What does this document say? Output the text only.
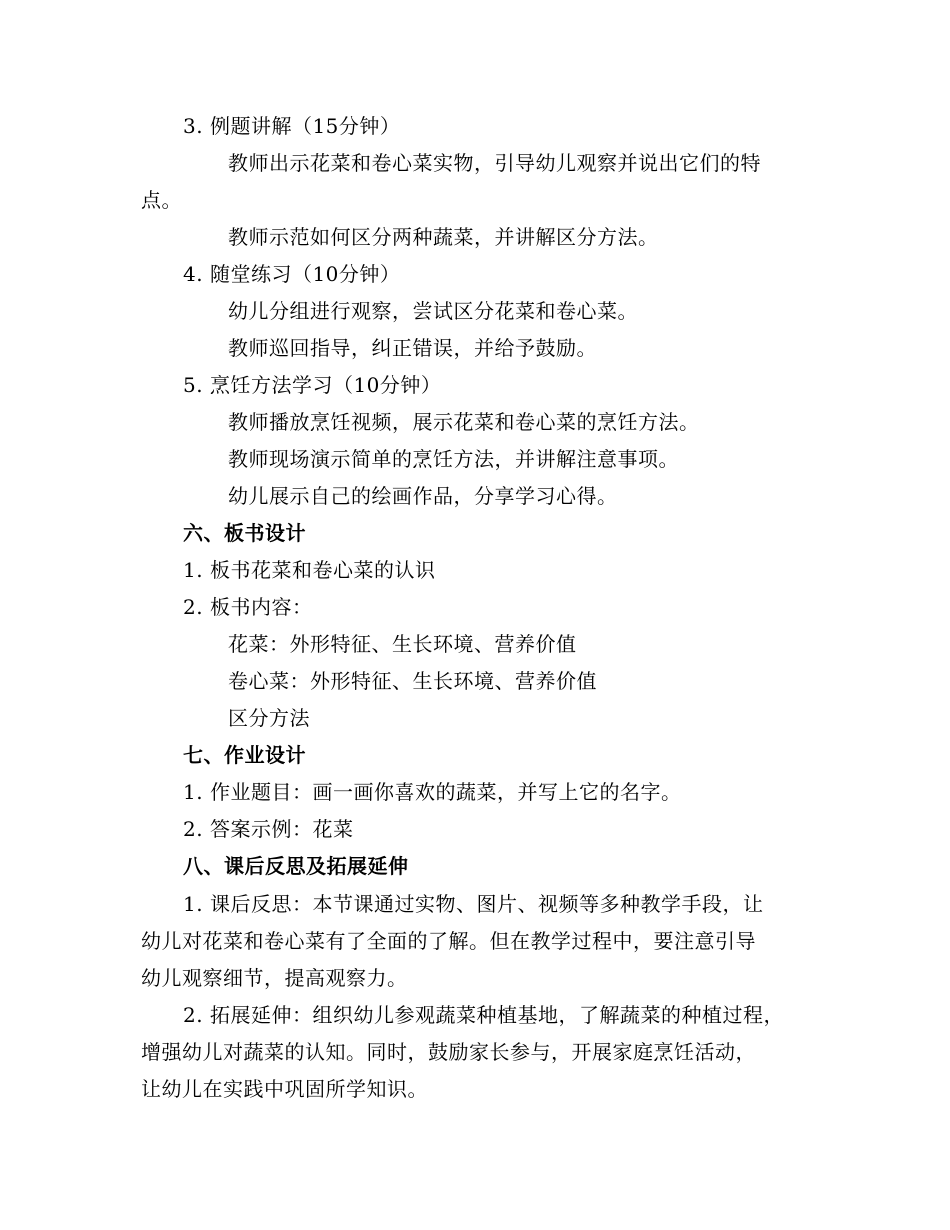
3. 例题讲解（15分钟）
教师出示花菜和卷心菜实物，引导幼儿观察并说出它们的特
点。
教师示范如何区分两种蔬菜，并讲解区分方法。
4. 随堂练习（10分钟）
幼儿分组进行观察，尝试区分花菜和卷心菜。
教师巡回指导，纠正错误，并给予鼓励。
5. 烹饪方法学习（10分钟）
教师播放烹饪视频，展示花菜和卷心菜的烹饪方法。
教师现场演示简单的烹饪方法，并讲解注意事项。
幼儿展示自己的绘画作品，分享学习心得。
六、板书设计
1. 板书花菜和卷心菜的认识
2. 板书内容：
花菜：外形特征、生长环境、营养价值
卷心菜：外形特征、生长环境、营养价值
区分方法
七、作业设计
1. 作业题目：画一画你喜欢的蔬菜，并写上它的名字。
2. 答案示例：花菜
八、课后反思及拓展延伸
1. 课后反思：本节课通过实物、图片、视频等多种教学手段，让
幼儿对花菜和卷心菜有了全面的了解。但在教学过程中，要注意引导
幼儿观察细节，提高观察力。
2. 拓展延伸：组织幼儿参观蔬菜种植基地，了解蔬菜的种植过程，
增强幼儿对蔬菜的认知。同时，鼓励家长参与，开展家庭烹饪活动，
让幼儿在实践中巩固所学知识。
